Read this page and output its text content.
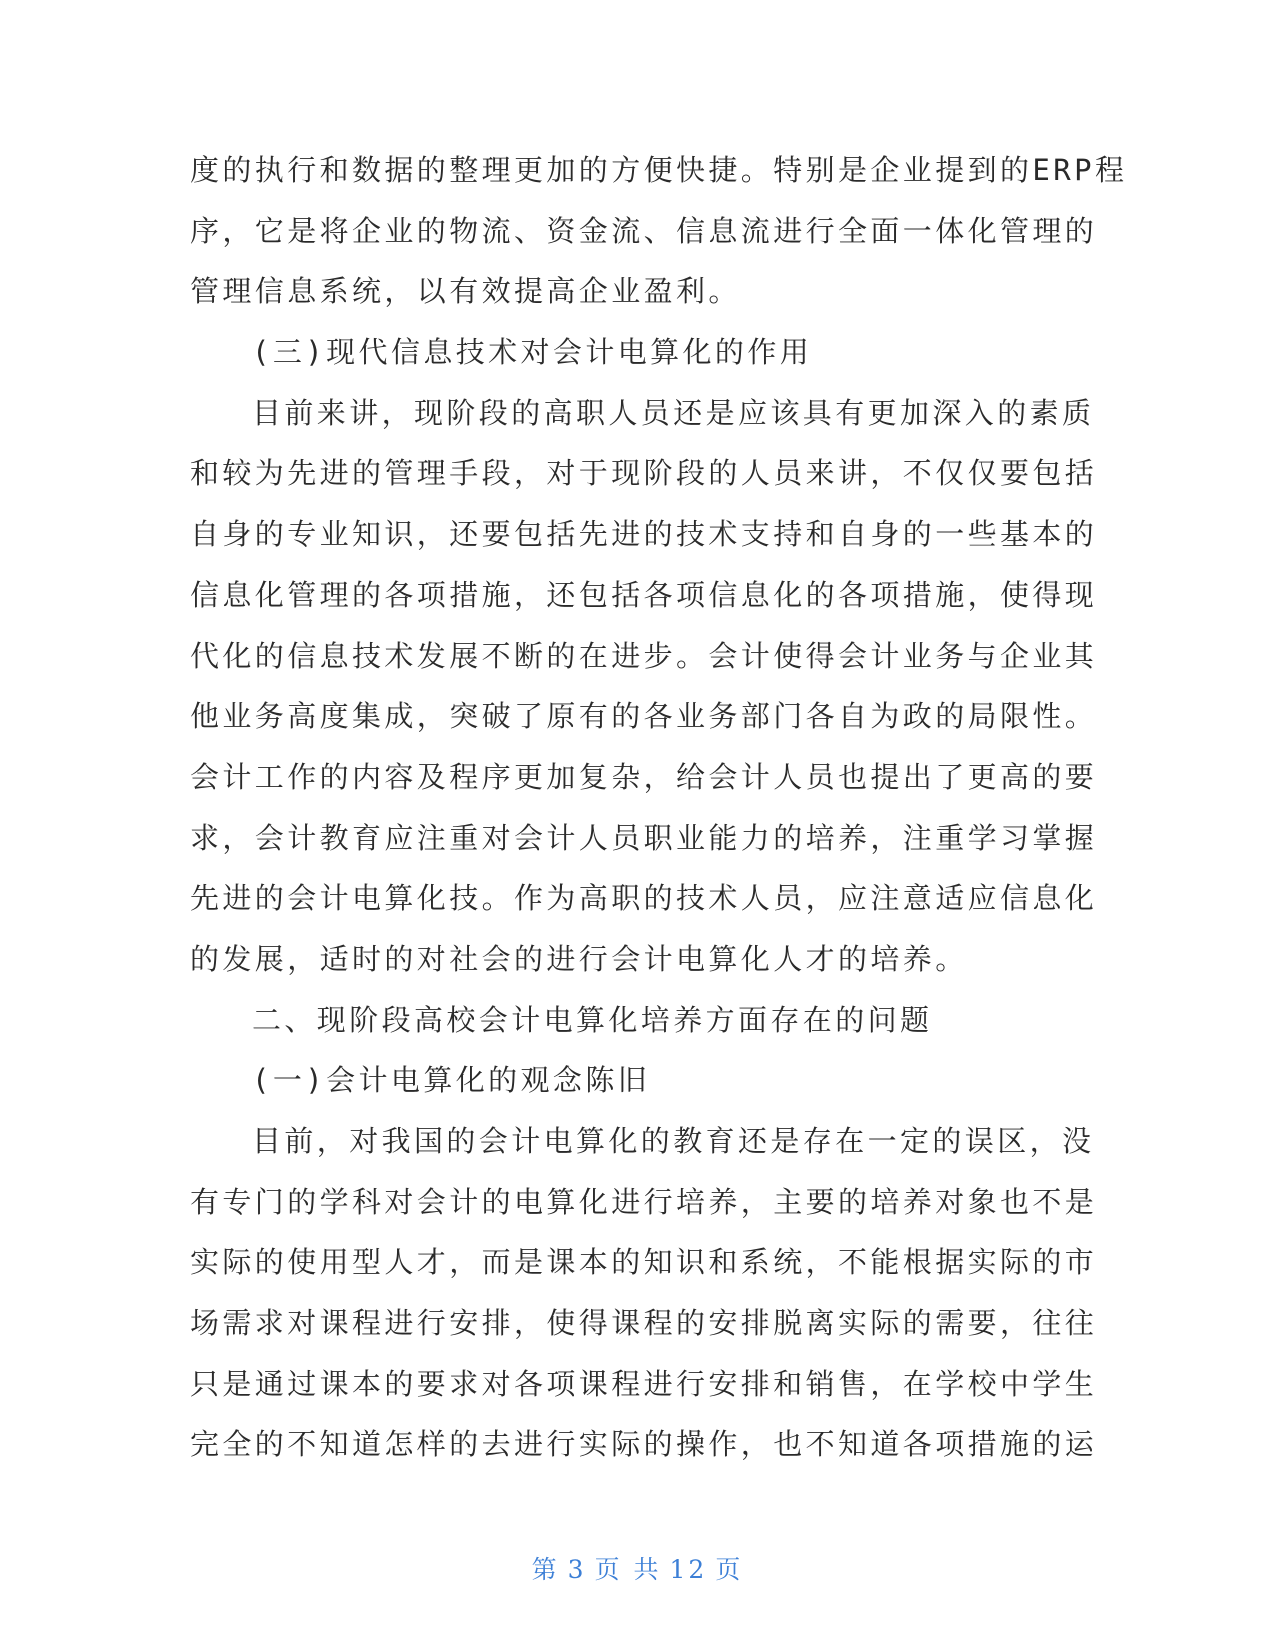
度的执行和数据的整理更加的方便快捷。特别是企业提到的ERP程
序，它是将企业的物流、资金流、信息流进行全面一体化管理的
管理信息系统，以有效提高企业盈利。
(三)现代信息技术对会计电算化的作用
目前来讲，现阶段的高职人员还是应该具有更加深入的素质
和较为先进的管理手段，对于现阶段的人员来讲，不仅仅要包括
自身的专业知识，还要包括先进的技术支持和自身的一些基本的
信息化管理的各项措施，还包括各项信息化的各项措施，使得现
代化的信息技术发展不断的在进步。会计使得会计业务与企业其
他业务高度集成，突破了原有的各业务部门各自为政的局限性。
会计工作的内容及程序更加复杂，给会计人员也提出了更高的要
求，会计教育应注重对会计人员职业能力的培养，注重学习掌握
先进的会计电算化技。作为高职的技术人员，应注意适应信息化
的发展，适时的对社会的进行会计电算化人才的培养。
二、现阶段高校会计电算化培养方面存在的问题
(一)会计电算化的观念陈旧
目前，对我国的会计电算化的教育还是存在一定的误区，没
有专门的学科对会计的电算化进行培养，主要的培养对象也不是
实际的使用型人才，而是课本的知识和系统，不能根据实际的市
场需求对课程进行安排，使得课程的安排脱离实际的需要，往往
只是通过课本的要求对各项课程进行安排和销售，在学校中学生
完全的不知道怎样的去进行实际的操作，也不知道各项措施的运
第 3 页 共 12 页
